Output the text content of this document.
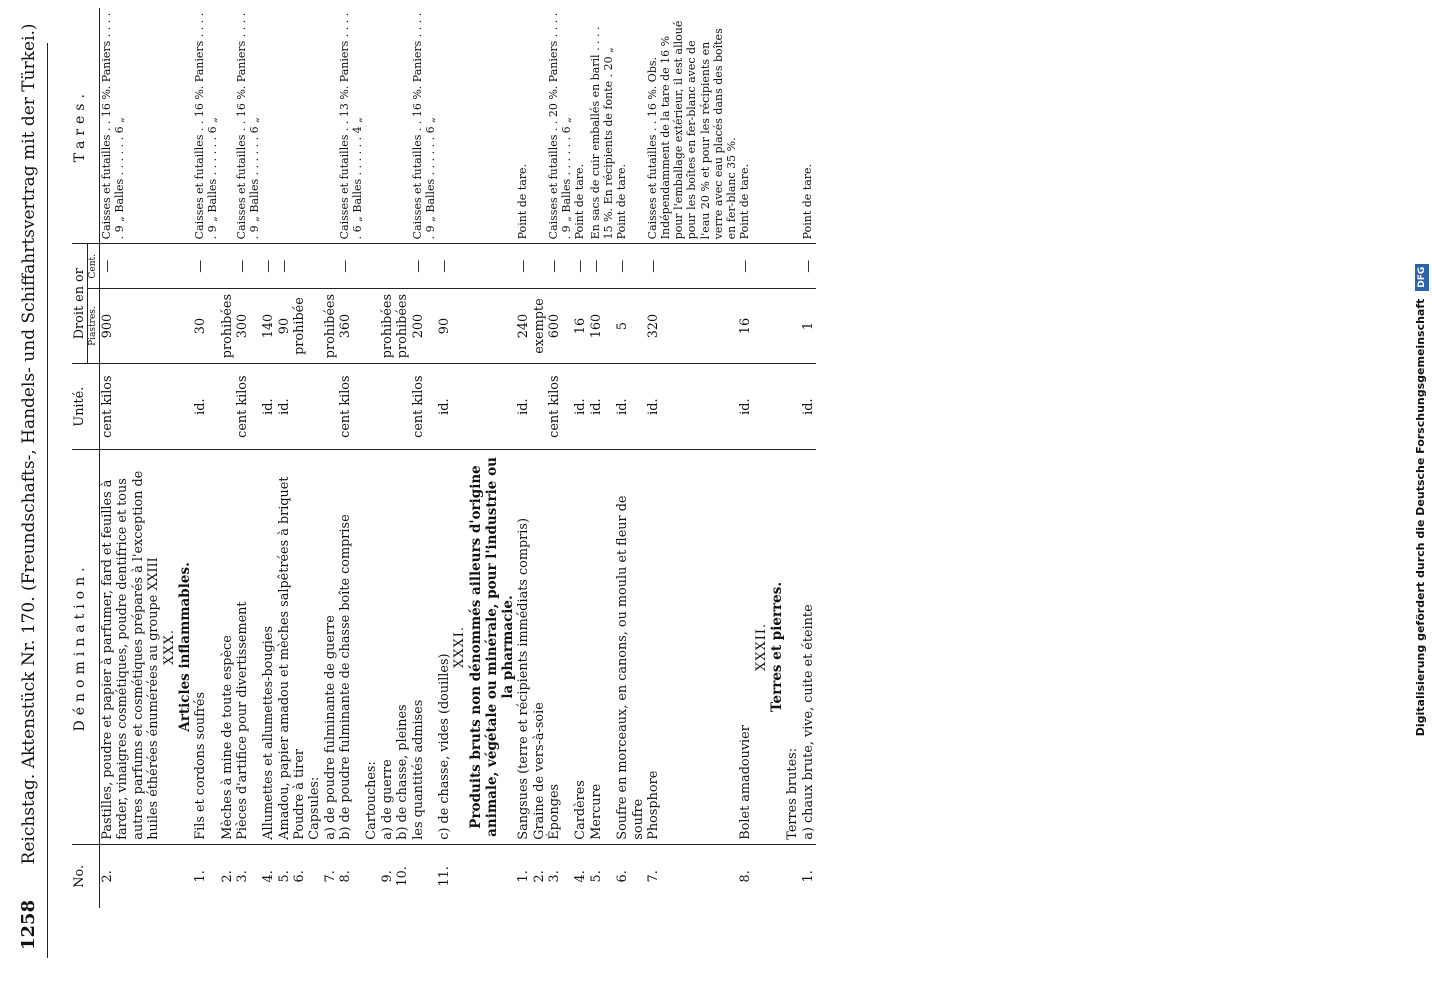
1258 Reichstag. Aktenstück Nr. 170. (Freundschafts-, Handels- und Schiffahrtsvertrag mit der Türkei.)
No.	Dénomination.	Unité.	Droit en or		Tares.
			Piastres.	Cent.	
2.	Pastilles, poudre et papier à parfumer, fard et feuilles à farder, vinaigres cosmétiques, poudre dentifrice et tous autres parfums et cosmétiques préparés à l'exception de huiles éthérées énumérées au groupe XXIII	cent kilos	900	—	Caisses et futailles . . 16 %. Paniers . . . . . 9 „ Balles . . . . . . 6 „

	XXX. Articles inflammables.				

1.	Fils et cordons soufrés	id.	30	—	Caisses et futailles . . 16 %. Paniers . . . . . 9 „ Balles . . . . . . 6 „
2.	Mèches à mine de toute espèce		prohibées		
3.	Pièces d'artifice pour divertissement	cent kilos	300	—	Caisses et futailles . . 16 %. Paniers . . . . . 9 „ Balles . . . . . . 6 „
4.	Allumettes et allumettes-bougies	id.	140	—	
5.	Amadou, papier amadou et mèches salpêtrées à briquet	id.	90	—	
6.	Poudre à tirer		prohibée		
	Capsules:				
7.	a) de poudre fulminante de guerre		prohibées		
8.	b) de poudre fulminante de chasse boîte comprise	cent kilos	360	—	Caisses et futailles . . 13 %. Paniers . . . . . 6 „ Balles . . . . . . 4 „
	Cartouches:				
9.	a) de guerre		prohibées		
10.	b) de chasse, pleines		prohibées		
	les quantités admises	cent kilos	200	—	Caisses et futailles . . 16 %. Paniers . . . . . 9 „ Balles . . . . . . 6 „
11.	c) de chasse, vides (douilles)	id.	90	—	

	XXXI. Produits bruts non dénommés ailleurs d'origine animale, végétale ou minérale, pour l'industrie ou la pharmacie.				

1.	Sangsues (terre et récipients immédiats compris)	id.	240	—	Point de tare.
2.	Graine de vers-à-soie		exempte		
3.	Éponges	cent kilos	600	—	Caisses et futailles . . 20 %. Paniers . . . . . 9 „ Balles . . . . . . 6 „
4.	Cardères	id.	16	—	Point de tare.
5.	Mercure	id.	160	—	En sacs de cuir emballés en baril . . . . 15 %. En récipients de fonte . 20 „
6.	Soufre en morceaux, en canons, ou moulu et fleur de soufre	id.	5	—	Point de tare.
7.	Phosphore	id.	320	—	Caisses et futailles . . 16 %. Obs. Indépendamment de la tare de 16 % pour l'emballage extérieur, il est alloué pour les boîtes en fer-blanc avec de l'eau 20 % et pour les récipients en verre avec eau placés dans des boîtes en fer-blanc 35 %.
8.	Bolet amadouvier	id.	16	—	Point de tare.

	XXXII. Terres et pierres.				

	Terres brutes:				
1.	a) chaux brute, vive, cuite et éteinte	id.	1	—	Point de tare.
Digitalisierung gefördert durch die Deutsche Forschungsgemeinschaft DFG
